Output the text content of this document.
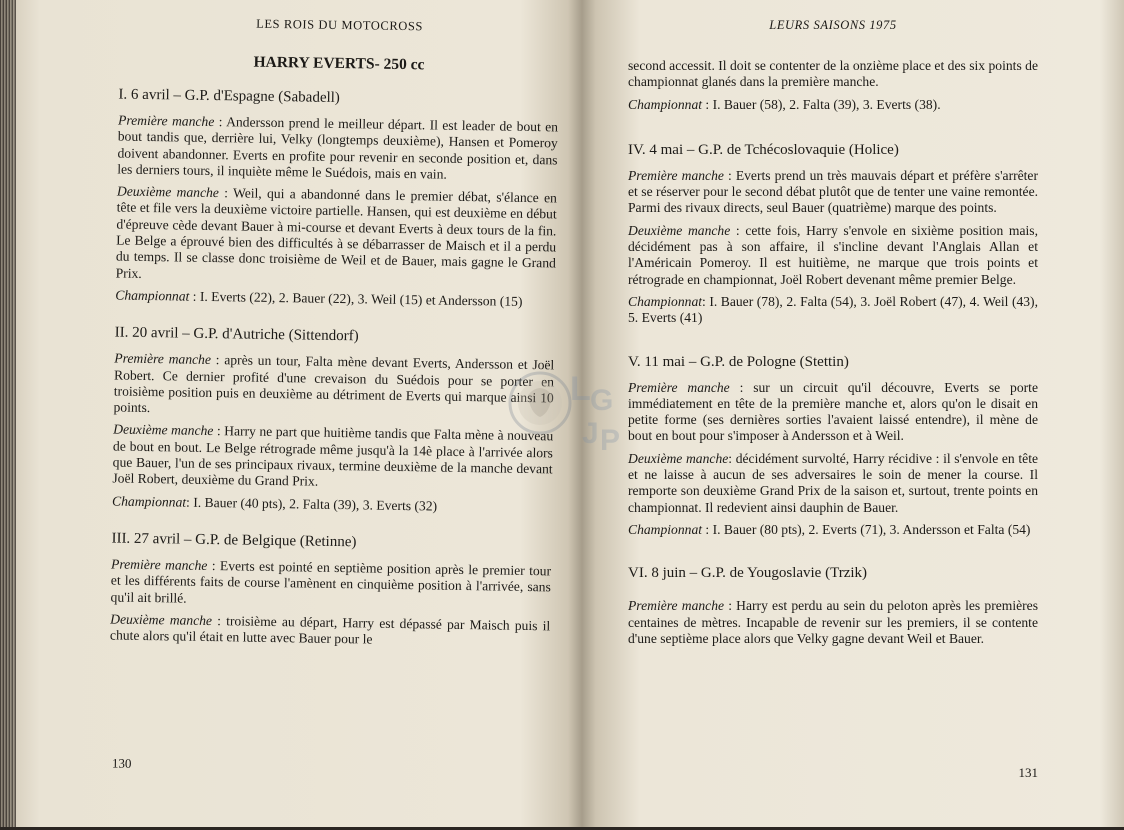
LES ROIS DU MOTOCROSS
HARRY EVERTS- 250 cc
I. 6 avril – G.P. d'Espagne (Sabadell)

Première manche : Andersson prend le meilleur départ. Il est leader de bout en bout tandis que, derrière lui, Velky (longtemps deuxième), Hansen et Pomeroy doivent abandonner. Everts en profite pour revenir en seconde position et, dans les derniers tours, il inquiète même le Suédois, mais en vain.

Deuxième manche : Weil, qui a abandonné dans le premier débat, s'élance en tête et file vers la deuxième victoire partielle. Hansen, qui est deuxième en début d'épreuve cède devant Bauer à mi-course et devant Everts à deux tours de la fin. Le Belge a éprouvé bien des difficultés à se débarrasser de Maisch et il a perdu du temps. Il se classe donc troisième de Weil et de Bauer, mais gagne le Grand Prix.

Championnat : I. Everts (22), 2. Bauer (22), 3. Weil (15) et Andersson (15)

II. 20 avril – G.P. d'Autriche (Sittendorf)

Première manche : après un tour, Falta mène devant Everts, Andersson et Joël Robert. Ce dernier profité d'une crevaison du Suédois pour se porter en troisième position puis en deuxième au détriment de Everts qui marque ainsi 10 points.

Deuxième manche : Harry ne part que huitième tandis que Falta mène à nouveau de bout en bout. Le Belge rétrograde même jusqu'à la 14è place à l'arrivée alors que Bauer, l'un de ses principaux rivaux, termine deuxième de la manche devant Joël Robert, deuxième du Grand Prix.

Championnat: I. Bauer (40 pts), 2. Falta (39), 3. Everts (32)

III. 27 avril – G.P. de Belgique (Retinne)

Première manche : Everts est pointé en septième position après le premier tour et les différents faits de course l'amènent en cinquième position à l'arrivée, sans qu'il ait brillé.

Deuxième manche : troisième au départ, Harry est dépassé par Maisch puis il chute alors qu'il était en lutte avec Bauer pour le

130
L G
J P
LEURS SAISONS 1975

second accessit. Il doit se contenter de la onzième place et des six points de championnat glanés dans la première manche.

Championnat : I. Bauer (58), 2. Falta (39), 3. Everts (38).

IV. 4 mai – G.P. de Tchécoslovaquie (Holice)

Première manche : Everts prend un très mauvais départ et préfère s'arrêter et se réserver pour le second débat plutôt que de tenter une vaine remontée. Parmi des rivaux directs, seul Bauer (quatrième) marque des points.

Deuxième manche : cette fois, Harry s'envole en sixième position mais, décidément pas à son affaire, il s'incline devant l'Anglais Allan et l'Américain Pomeroy. Il est huitième, ne marque que trois points et rétrograde en championnat, Joël Robert devenant même premier Belge.

Championnat: I. Bauer (78), 2. Falta (54), 3. Joël Robert (47), 4. Weil (43), 5. Everts (41)

V. 11 mai – G.P. de Pologne (Stettin)

Première manche : sur un circuit qu'il découvre, Everts se porte immédiatement en tête de la première manche et, alors qu'on le disait en petite forme (ses dernières sorties l'avaient laissé entendre), il mène de bout en bout pour s'imposer à Andersson et à Weil.

Deuxième manche: décidément survolté, Harry récidive : il s'envole en tête et ne laisse à aucun de ses adversaires le soin de mener la course. Il remporte son deuxième Grand Prix de la saison et, surtout, trente points en championnat. Il redevient ainsi dauphin de Bauer.

Championnat : I. Bauer (80 pts), 2. Everts (71), 3. Andersson et Falta (54)

VI. 8 juin – G.P. de Yougoslavie (Trzik)

Première manche : Harry est perdu au sein du peloton après les premières centaines de mètres. Incapable de revenir sur les premiers, il se contente d'une septième place alors que Velky gagne devant Weil et Bauer.

131
